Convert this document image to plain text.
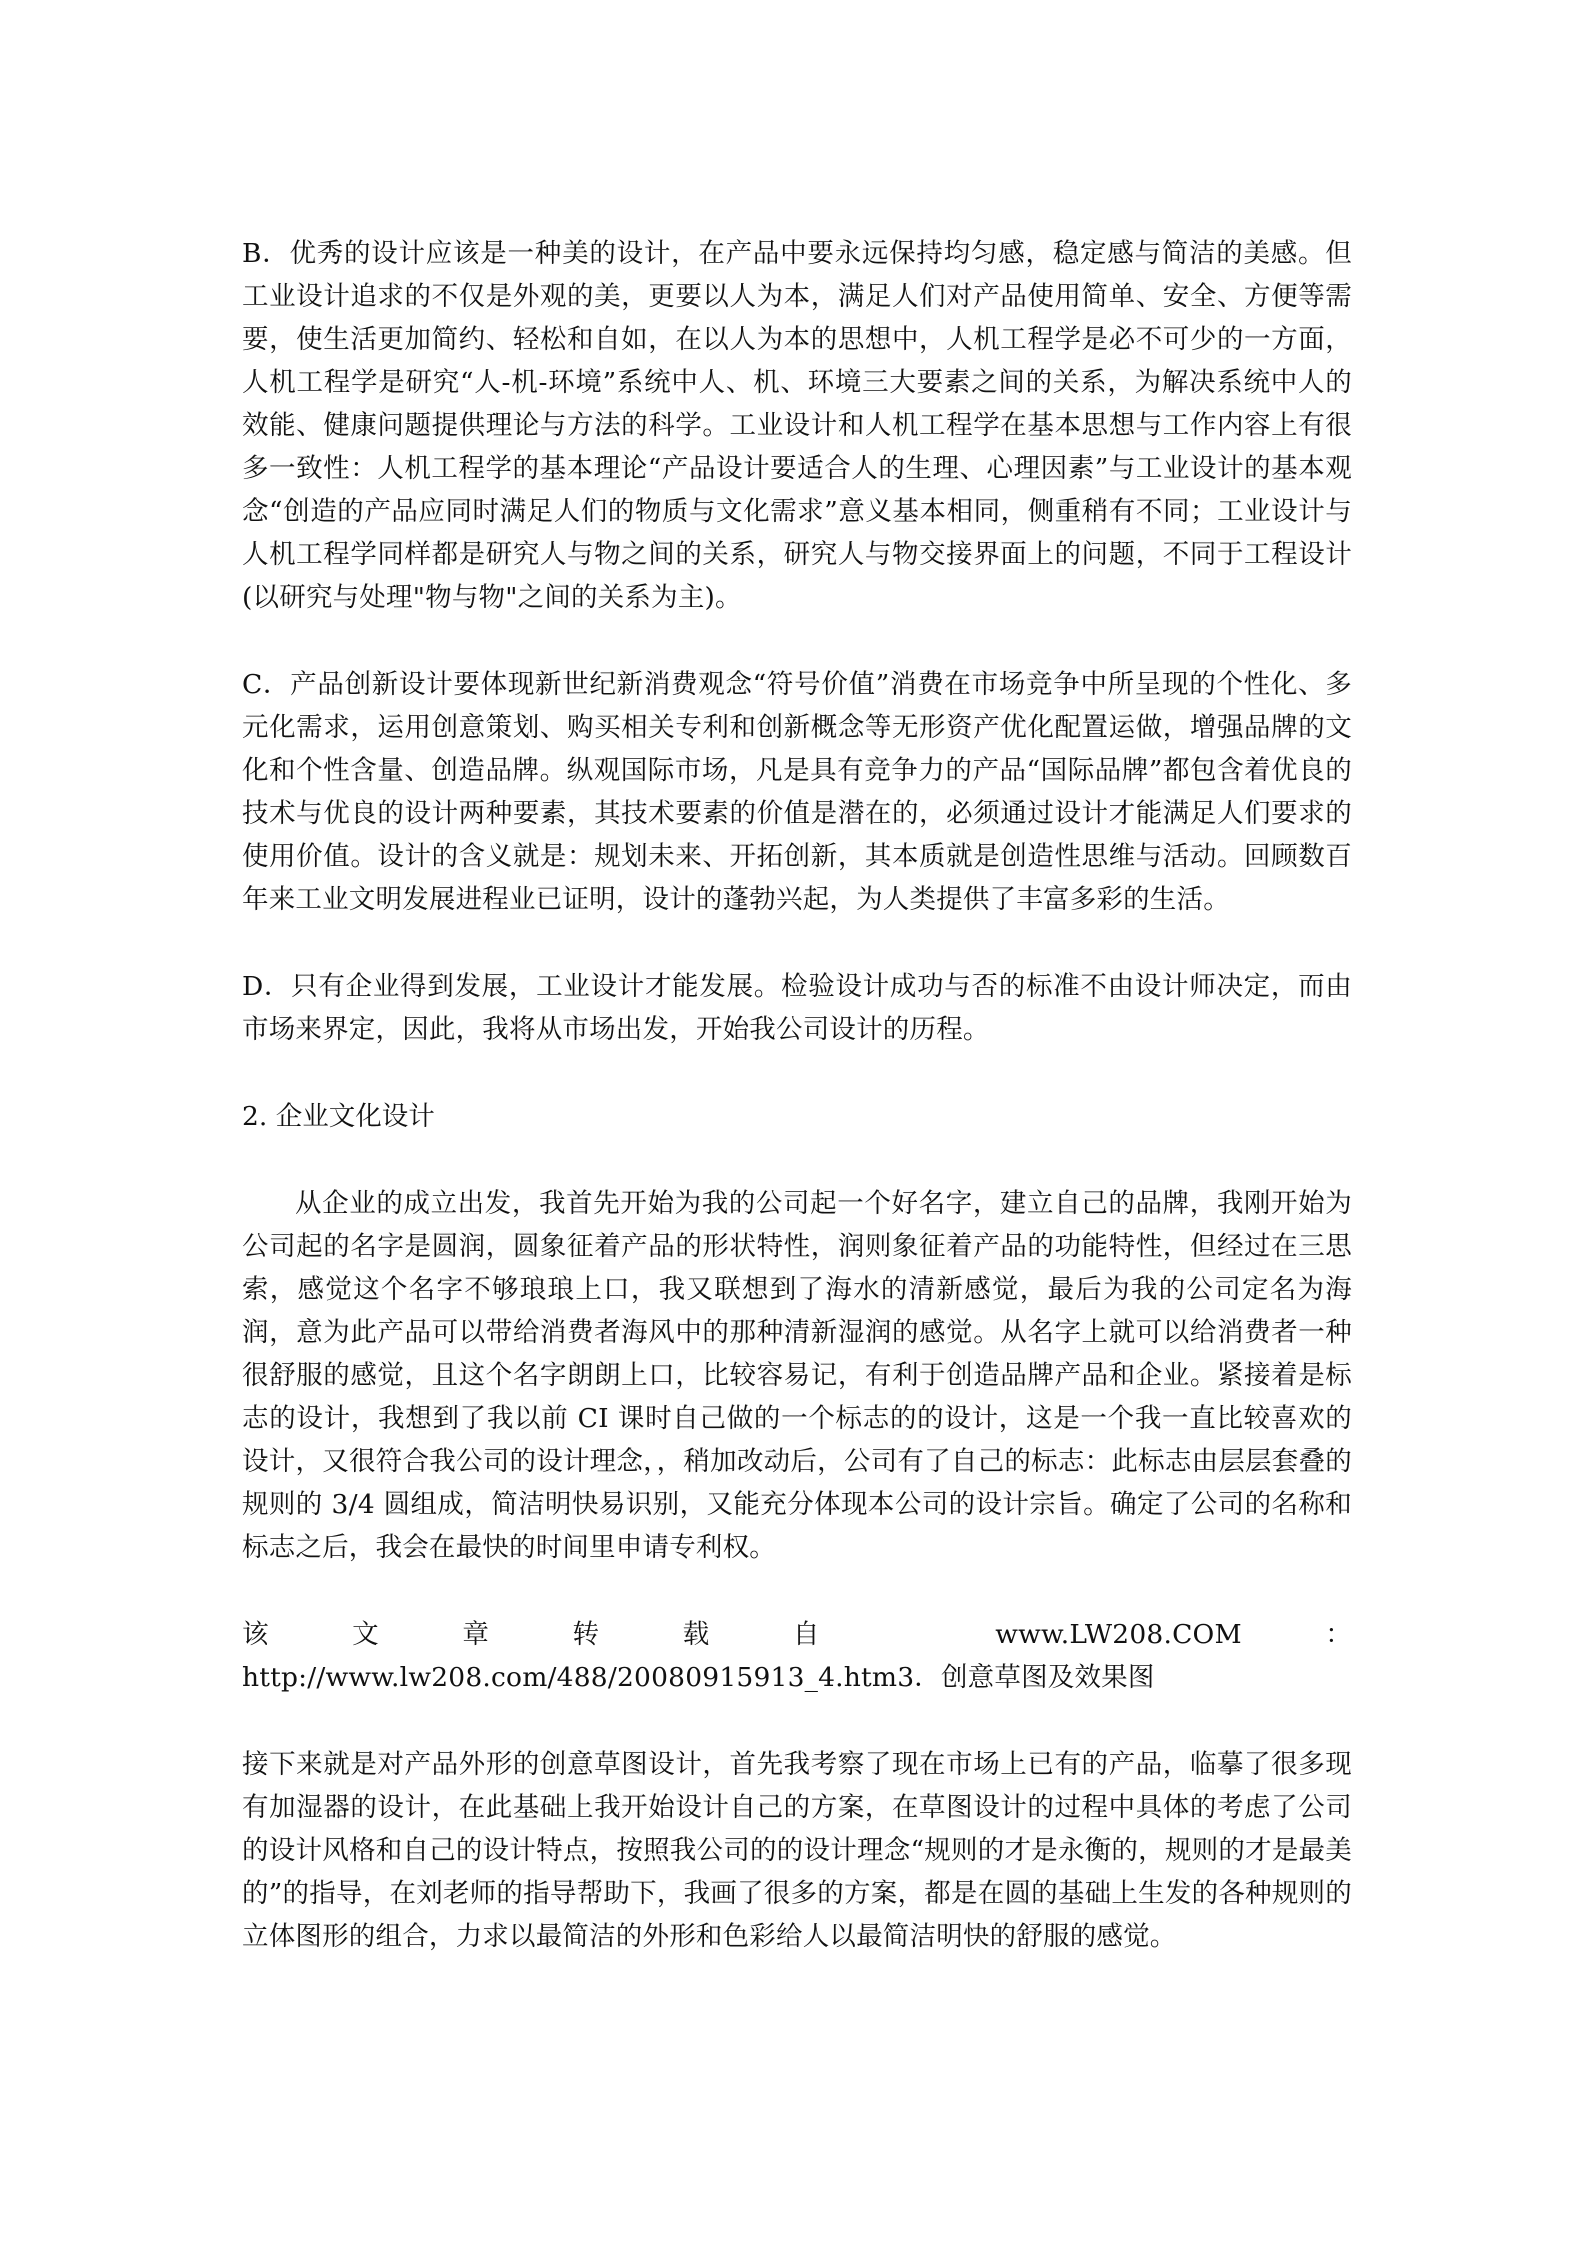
B．优秀的设计应该是一种美的设计，在产品中要永远保持均匀感，稳定感与简洁的美感。但工业设计追求的不仅是外观的美，更要以人为本，满足人们对产品使用简单、安全、方便等需要，使生活更加简约、轻松和自如，在以人为本的思想中，人机工程学是必不可少的一方面，人机工程学是研究“人-机-环境”系统中人、机、环境三大要素之间的关系，为解决系统中人的效能、健康问题提供理论与方法的科学。工业设计和人机工程学在基本思想与工作内容上有很多一致性：人机工程学的基本理论“产品设计要适合人的生理、心理因素”与工业设计的基本观念“创造的产品应同时满足人们的物质与文化需求”意义基本相同，侧重稍有不同；工业设计与人机工程学同样都是研究人与物之间的关系，研究人与物交接界面上的问题，不同于工程设计(以研究与处理"物与物"之间的关系为主)。

C．产品创新设计要体现新世纪新消费观念“符号价值”消费在市场竞争中所呈现的个性化、多元化需求，运用创意策划、购买相关专利和创新概念等无形资产优化配置运做，增强品牌的文化和个性含量、创造品牌。纵观国际市场，凡是具有竞争力的产品“国际品牌”都包含着优良的技术与优良的设计两种要素，其技术要素的价值是潜在的，必须通过设计才能满足人们要求的使用价值。设计的含义就是：规划未来、开拓创新，其本质就是创造性思维与活动。回顾数百年来工业文明发展进程业已证明，设计的蓬勃兴起，为人类提供了丰富多彩的生活。

D．只有企业得到发展，工业设计才能发展。检验设计成功与否的标准不由设计师决定，而由市场来界定，因此，我将从市场出发，开始我公司设计的历程。

2. 企业文化设计

从企业的成立出发，我首先开始为我的公司起一个好名字，建立自己的品牌，我刚开始为公司起的名字是圆润，圆象征着产品的形状特性，润则象征着产品的功能特性，但经过在三思索，感觉这个名字不够琅琅上口，我又联想到了海水的清新感觉，最后为我的公司定名为海润，意为此产品可以带给消费者海风中的那种清新湿润的感觉。从名字上就可以给消费者一种很舒服的感觉，且这个名字朗朗上口，比较容易记，有利于创造品牌产品和企业。紧接着是标志的设计，我想到了我以前 CI 课时自己做的一个标志的的设计，这是一个我一直比较喜欢的设计，又很符合我公司的设计理念，，稍加改动后，公司有了自己的标志：此标志由层层套叠的规则的 3/4 圆组成，简洁明快易识别，又能充分体现本公司的设计宗旨。确定了公司的名称和标志之后，我会在最快的时间里申请专利权。

该文章转载自 www.LW208.COM：http://www.lw208.com/488/20080915913_4.htm3．创意草图及效果图

接下来就是对产品外形的创意草图设计，首先我考察了现在市场上已有的产品，临摹了很多现有加湿器的设计，在此基础上我开始设计自己的方案，在草图设计的过程中具体的考虑了公司的设计风格和自己的设计特点，按照我公司的的设计理念“规则的才是永衡的，规则的才是最美的”的指导，在刘老师的指导帮助下，我画了很多的方案，都是在圆的基础上生发的各种规则的立体图形的组合，力求以最简洁的外形和色彩给人以最简洁明快的舒服的感觉。
